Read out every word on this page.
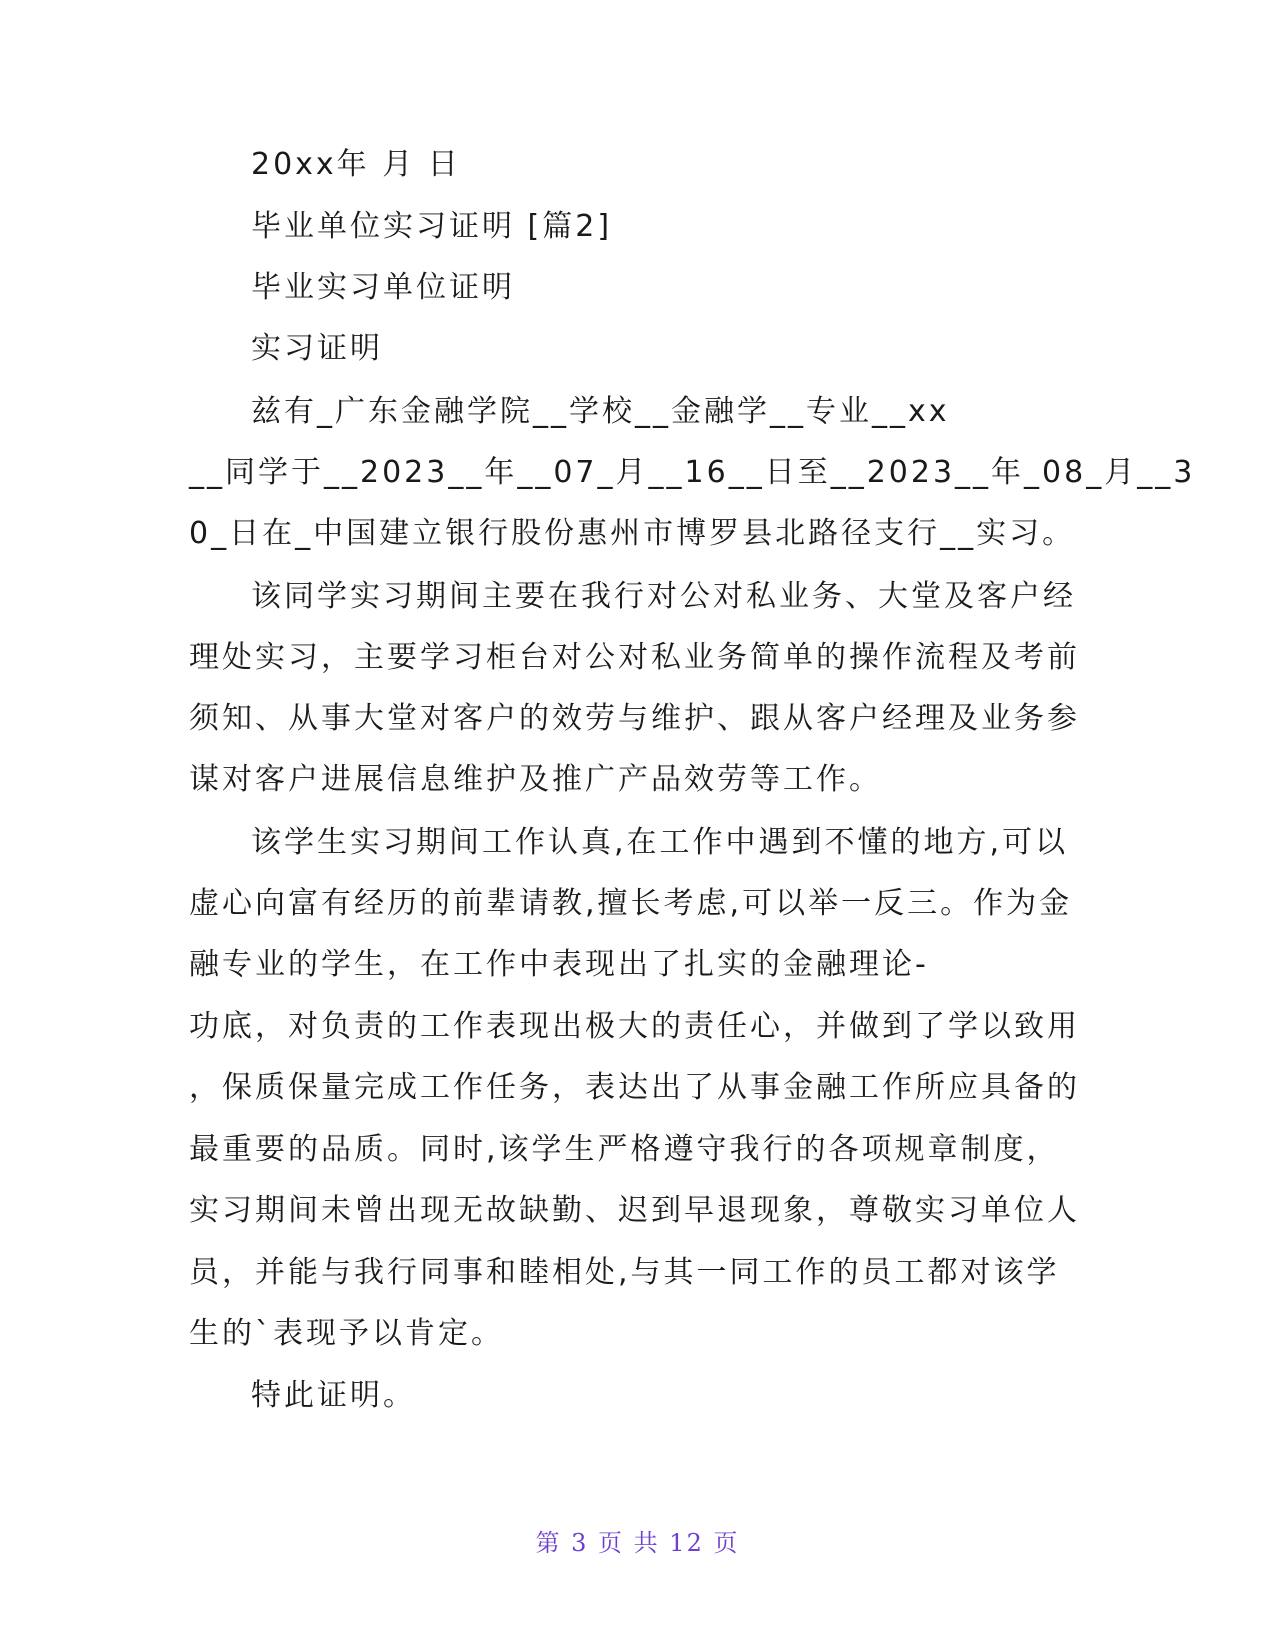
20xx年 月 日
毕业单位实习证明 [篇2]
毕业实习单位证明
实习证明
兹有_广东金融学院__学校__金融学__专业__xx
__同学于__2023__年__07_月__16__日至__2023__年_08_月__3
0_日在_中国建立银行股份惠州市博罗县北路径支行__实习。
该同学实习期间主要在我行对公对私业务、大堂及客户经
理处实习，主要学习柜台对公对私业务简单的操作流程及考前
须知、从事大堂对客户的效劳与维护、跟从客户经理及业务参
谋对客户进展信息维护及推广产品效劳等工作。
该学生实习期间工作认真,在工作中遇到不懂的地方,可以
虚心向富有经历的前辈请教,擅长考虑,可以举一反三。作为金
融专业的学生，在工作中表现出了扎实的金融理论-
功底，对负责的工作表现出极大的责任心，并做到了学以致用
，保质保量完成工作任务，表达出了从事金融工作所应具备的
最重要的品质。同时,该学生严格遵守我行的各项规章制度，
实习期间未曾出现无故缺勤、迟到早退现象，尊敬实习单位人
员，并能与我行同事和睦相处,与其一同工作的员工都对该学
生的`表现予以肯定。
特此证明。
第 3 页 共 12 页
